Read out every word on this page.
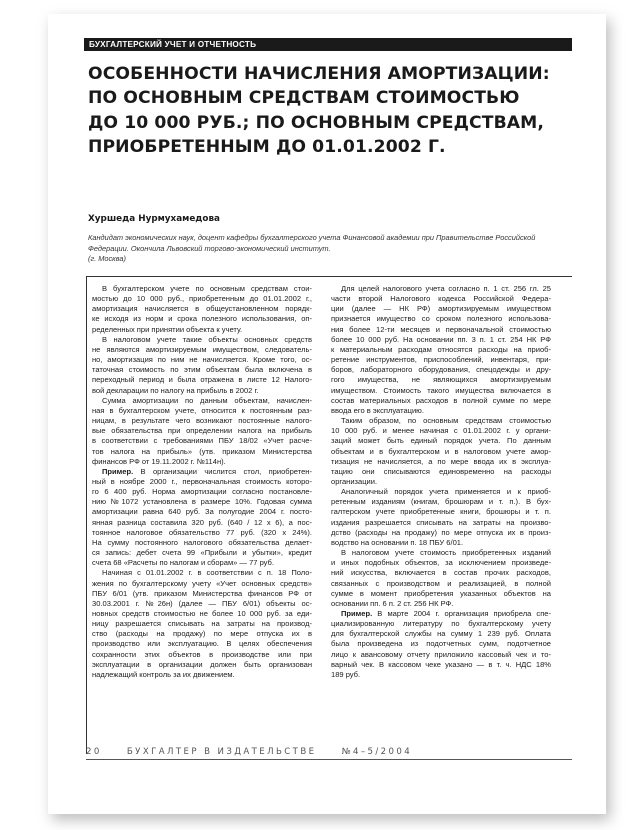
БУХГАЛТЕРСКИЙ УЧЕТ И ОТЧЕТНОСТЬ
ОСОБЕННОСТИ НАЧИСЛЕНИЯ АМОРТИЗАЦИИ:
ПО ОСНОВНЫМ СРЕДСТВАМ СТОИМОСТЬЮ
ДО 10 000 РУБ.; ПО ОСНОВНЫМ СРЕДСТВАМ,
ПРИОБРЕТЕННЫМ ДО 01.01.2002 Г.
Хуршеда Нурмухамедова
Кандидат экономических наук, доцент кафедры бухгалтерского учета Финансовой академии при Правительстве Российской
Федерации. Окончила Львовский торгово-экономический институт.
(г. Москва)
В бухгалтерском учете по основным средствам стои-
мостью до 10 000 руб., приобретенным до 01.01.2002 г.,
амортизация начисляется в общеустановленном порядк-
ке исходя из норм и срока полезного использования, оп-
ределенных при принятии объекта к учету.
В налоговом учете такие объекты основных средств
не являются амортизируемым имуществом, следователь-
но, амортизация по ним не начисляется. Кроме того, ос-
таточная стоимость по этим объектам была включена в
переходный период и была отражена в листе 12 Налого-
вой декларации по налогу на прибыль в 2002 г.
Сумма амортизации по данным объектам, начислен-
ная в бухгалтерском учете, относится к постоянным раз-
ницам, в результате чего возникают постоянные налого-
вые обязательства при определении налога на прибыль
в соответствии с требованиями ПБУ 18/02 «Учет расче-
тов налога на прибыль» (утв. приказом Министерства
финансов РФ от 19.11.2002 г. №114н).
Пример. В организации числится стол, приобретен-
ный в ноябре 2000 г., первоначальная стоимость которо-
го 6 400 руб. Норма амортизации согласно постановле-
нию №1072 установлена в размере 10%. Годовая сумма
амортизации равна 640 руб. За полугодие 2004 г. посто-
янная разница составила 320 руб. (640 / 12 x 6), а пос-
тоянное налоговое обязательство 77 руб. (320 x 24%).
На сумму постоянного налогового обязательства делает-
ся запись: дебет счета 99 «Прибыли и убытки», кредит
счета 68 «Расчеты по налогам и сборам» — 77 руб.
Начиная с 01.01.2002 г. в соответствии с п. 18 Поло-
жения по бухгалтерскому учету «Учет основных средств»
ПБУ 6/01 (утв. приказом Министерства финансов РФ от
30.03.2001 г. №26н) (далее — ПБУ 6/01) объекты ос-
новных средств стоимостью не более 10 000 руб. за еди-
ницу разрешается списывать на затраты на производ-
ство (расходы на продажу) по мере отпуска их в
производство или эксплуатацию. В целях обеспечения
сохранности этих объектов в производстве или при
эксплуатации в организации должен быть организован
надлежащий контроль за их движением.
Для целей налогового учета согласно п. 1 ст. 256 гл. 25
части второй Налогового кодекса Российской Федера-
ции (далее — НК РФ) амортизируемым имуществом
признается имущество со сроком полезного использова-
ния более 12-ти месяцев и первоначальной стоимостью
более 10 000 руб. На основании пп. 3 п. 1 ст. 254 НК РФ
к материальным расходам относятся расходы на приоб-
ретение инструментов, приспособлений, инвентаря, при-
боров, лабораторного оборудования, спецодежды и дру-
гого имущества, не являющихся амортизируемым
имуществом. Стоимость такого имущества включается в
состав материальных расходов в полной сумме по мере
ввода его в эксплуатацию.
Таким образом, по основным средствам стоимостью
10 000 руб. и менее начиная с 01.01.2002 г. у органи-
заций может быть единый порядок учета. По данным
объектам и в бухгалтерском и в налоговом учете амор-
тизация не начисляется, а по мере ввода их в эксплуа-
тацию они списываются единовременно на расходы
организации.
Аналогичный порядок учета применяется и к приоб-
ретенным изданиям (книгам, брошюрам и т. п.). В бух-
галтерском учете приобретенные книги, брошюры и т. п.
издания разрешается списывать на затраты на произво-
дство (расходы на продажу) по мере отпуска их в произ-
водство на основании п. 18 ПБУ 6/01.
В налоговом учете стоимость приобретенных изданий
и иных подобных объектов, за исключением произведе-
ний искусства, включается в состав прочих расходов,
связанных с производством и реализацией, в полной
сумме в момент приобретения указанных объектов на
основании пп. 6 п. 2 ст. 256 НК РФ.
Пример. В марте 2004 г. организация приобрела спе-
циализированную литературу по бухгалтерскому учету
для бухгалтерской службы на сумму 1 239 руб. Оплата
была произведена из подотчетных сумм, подотчетное
лицо к авансовому отчету приложило кассовый чек и то-
варный чек. В кассовом чеке указано — в т. ч. НДС 18%
189 руб.
20	БУХГАЛТЕР В ИЗДАТЕЛЬСТВЕ	№4–5/2004
